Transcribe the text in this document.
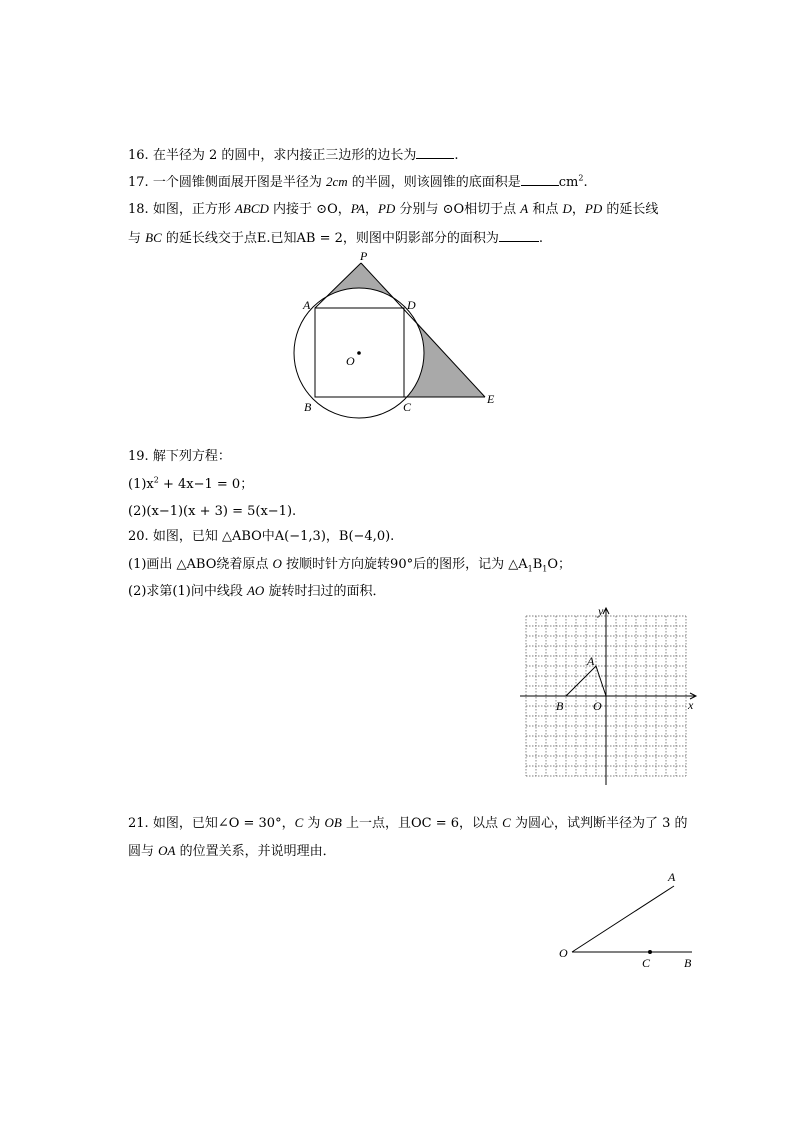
16. 在半径为 2 的圆中，求内接正三边形的边长为	.
17. 一个圆锥侧面展开图是半径为 2cm 的半圆，则该圆锥的底面积是	$cm^2$.
18. 如图，正方形 ABCD 内接于 ⊙O，PA，PD 分别与 ⊙O相切于点 A 和点 D，PD 的延长线
与 BC 的延长线交于点E.已知AB = 2，则图中阴影部分的面积为	.
P
A	D
O
B	C
E
19. 解下列方程：
$(1)x^2 + 4x-1 = 0$；
(2)(x−1)(x + 3) = 5(x−1).
20. 如图，已知 △ABO中A(−1,3)，B(−4,0).
(1)画出 △ABO绕着原点 O 按顺时针方向旋转90°后的图形，记为 $\triangle A_1B_1O$；
(2)求第(1)问中线段 AO 旋转时扫过的面积．
y
x
A
B O
21. 如图，已知∠O = 30°，C 为 OB 上一点，且OC = 6，以点 C 为圆心，试判断半径为了 3 的
圆与 OA 的位置关系，并说明理由．
A
O
C	B
